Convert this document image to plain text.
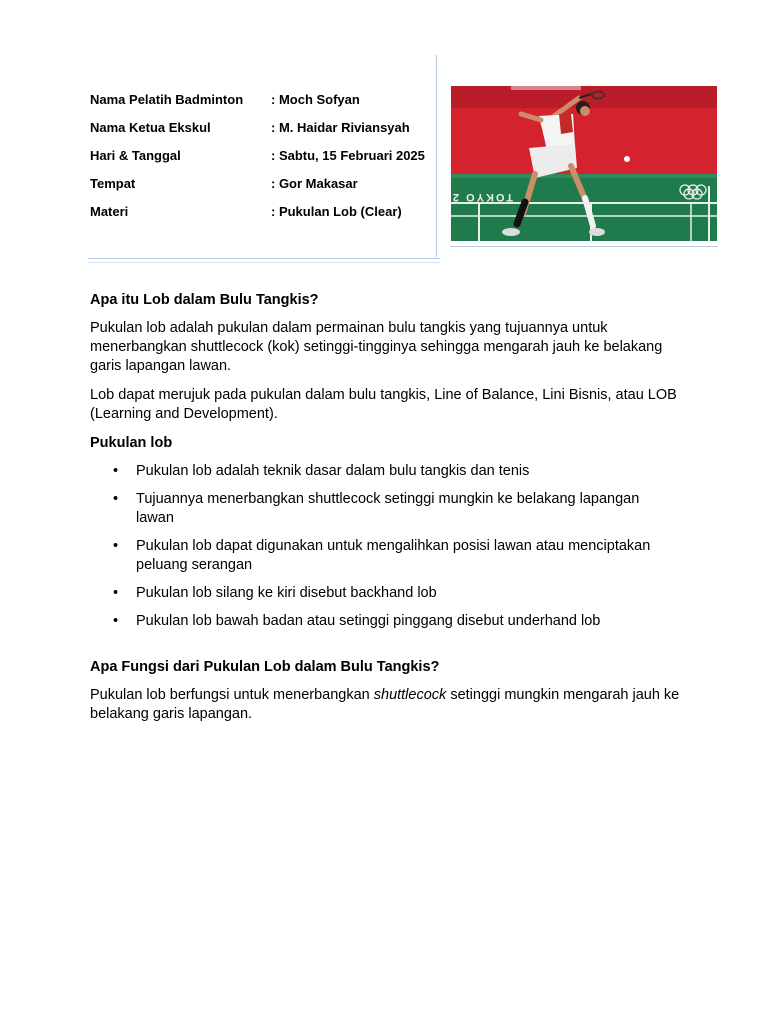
Nama Pelatih Badminton : Moch Sofyan
Nama Ketua Ekskul	: M. Haidar Riviansyah
Hari & Tanggal	: Sabtu, 15 Februari 2025
Tempat	: Gor Makasar
Materi	: Pukulan Lob (Clear)
TOKYO 2
Apa itu Lob dalam Bulu Tangkis?

Pukulan lob adalah pukulan dalam permainan bulu tangkis yang tujuannya untuk menerbangkan shuttlecock (kok) setinggi-tingginya sehingga mengarah jauh ke belakang garis lapangan lawan.

Lob dapat merujuk pada pukulan dalam bulu tangkis, Line of Balance, Lini Bisnis, atau LOB (Learning and Development).

Pukulan lob
• Pukulan lob adalah teknik dasar dalam bulu tangkis dan tenis
• Tujuannya menerbangkan shuttlecock setinggi mungkin ke belakang lapangan lawan
• Pukulan lob dapat digunakan untuk mengalihkan posisi lawan atau menciptakan peluang serangan
• Pukulan lob silang ke kiri disebut backhand lob
• Pukulan lob bawah badan atau setinggi pinggang disebut underhand lob
Apa Fungsi dari Pukulan Lob dalam Bulu Tangkis?

Pukulan lob berfungsi untuk menerbangkan shuttlecock setinggi mungkin mengarah jauh ke belakang garis lapangan.
